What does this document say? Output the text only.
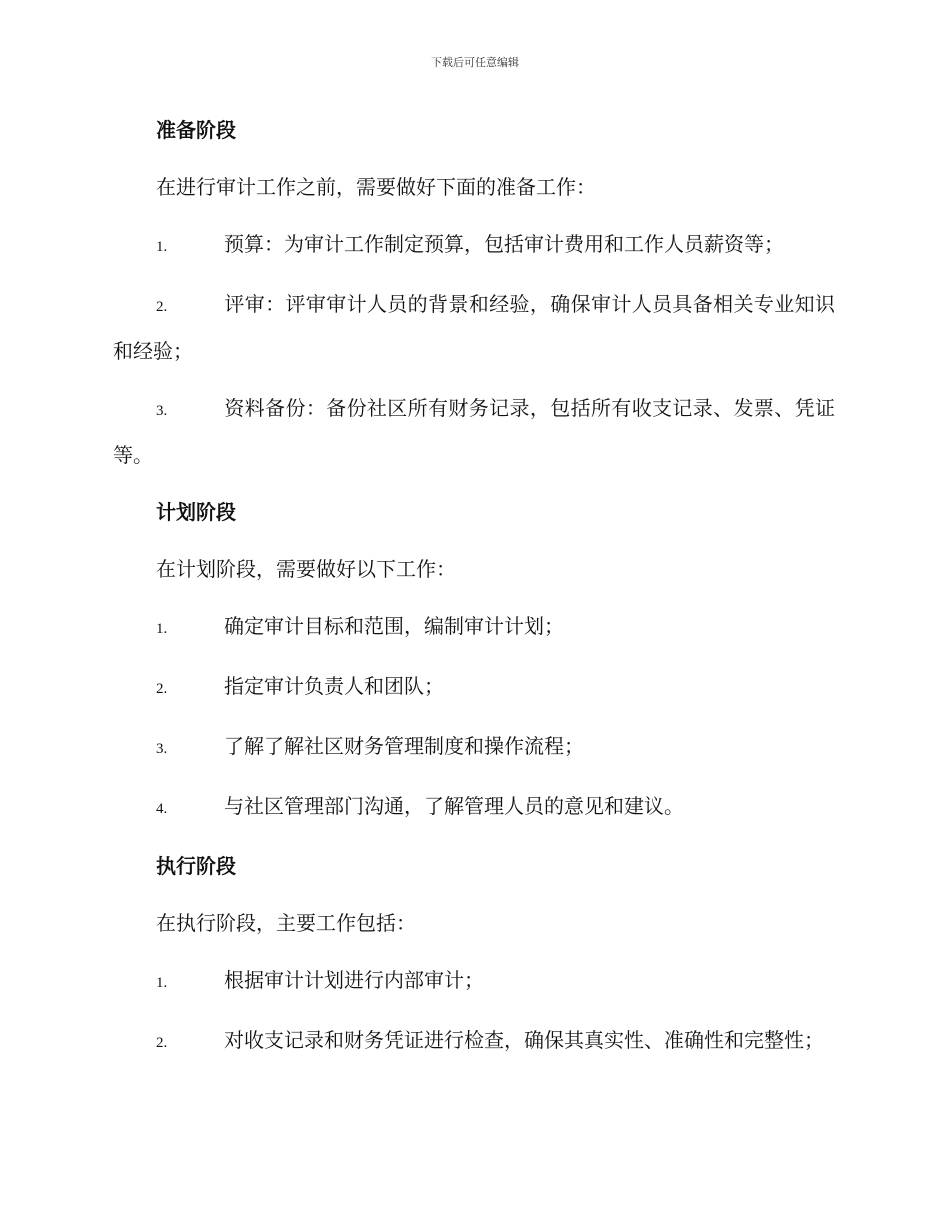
下载后可任意编辑
准备阶段

在进行审计工作之前，需要做好下面的准备工作：

1.	预算：为审计工作制定预算，包括审计费用和工作人员薪资等；

2.	评审：评审审计人员的背景和经验，确保审计人员具备相关专业知识和经验；

3.	资料备份：备份社区所有财务记录，包括所有收支记录、发票、凭证等。

计划阶段

在计划阶段，需要做好以下工作：

1.	确定审计目标和范围，编制审计计划；

2.	指定审计负责人和团队；

3.	了解了解社区财务管理制度和操作流程；

4.	与社区管理部门沟通，了解管理人员的意见和建议。

执行阶段

在执行阶段，主要工作包括：

1.	根据审计计划进行内部审计；

2.	对收支记录和财务凭证进行检查，确保其真实性、准确性和完整性；
